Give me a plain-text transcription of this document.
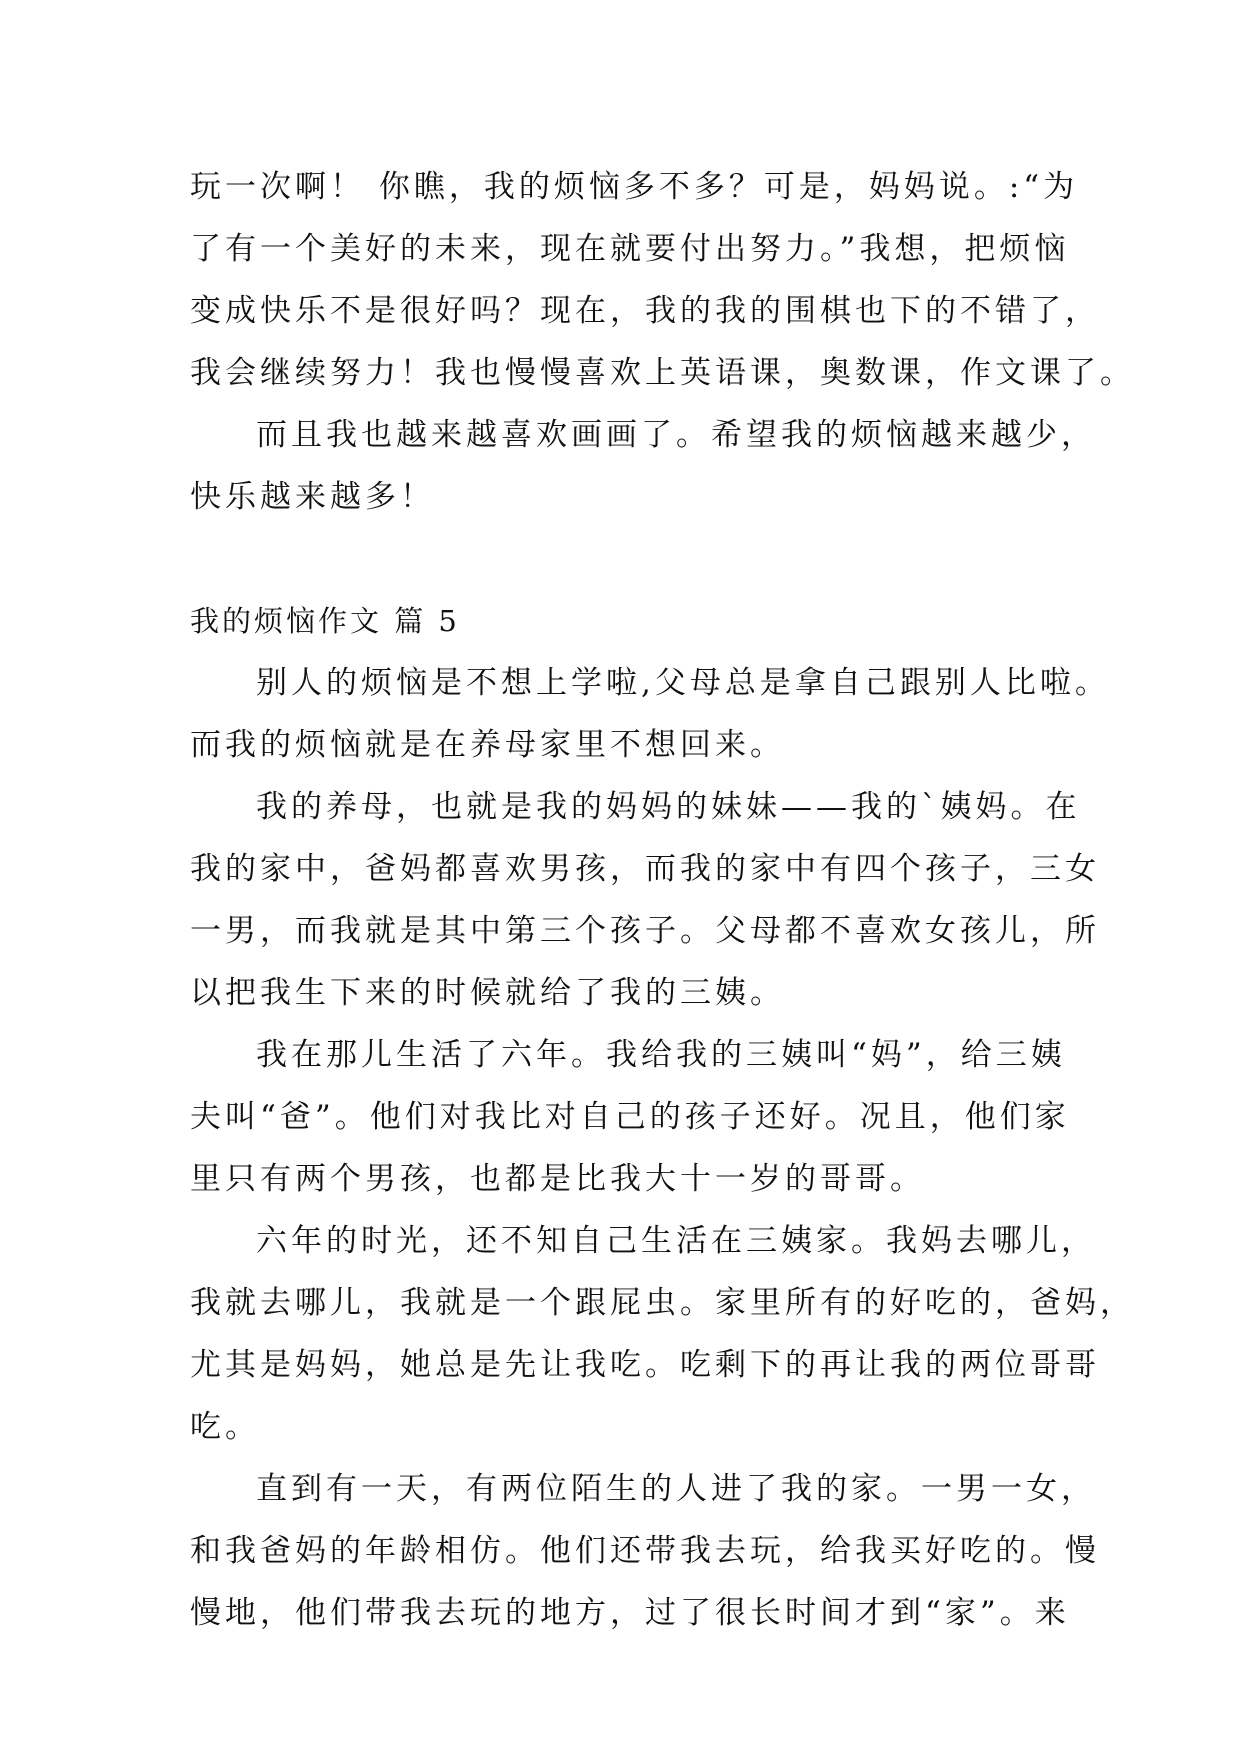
玩一次啊！ 你瞧，我的烦恼多不多？可是，妈妈说。:“为
了有一个美好的未来，现在就要付出努力。”我想，把烦恼
变成快乐不是很好吗？现在，我的我的围棋也下的不错了，
我会继续努力！我也慢慢喜欢上英语课，奥数课，作文课了。
而且我也越来越喜欢画画了。希望我的烦恼越来越少，
快乐越来越多！
我的烦恼作文 篇 5
别人的烦恼是不想上学啦,父母总是拿自己跟别人比啦。
而我的烦恼就是在养母家里不想回来。
我的养母，也就是我的妈妈的妹妹——我的`姨妈。在
我的家中，爸妈都喜欢男孩，而我的家中有四个孩子，三女
一男，而我就是其中第三个孩子。父母都不喜欢女孩儿，所
以把我生下来的时候就给了我的三姨。
我在那儿生活了六年。我给我的三姨叫“妈”，给三姨
夫叫“爸”。他们对我比对自己的孩子还好。况且，他们家
里只有两个男孩，也都是比我大十一岁的哥哥。
六年的时光，还不知自己生活在三姨家。我妈去哪儿，
我就去哪儿，我就是一个跟屁虫。家里所有的好吃的，爸妈，
尤其是妈妈，她总是先让我吃。吃剩下的再让我的两位哥哥
吃。
直到有一天，有两位陌生的人进了我的家。一男一女，
和我爸妈的年龄相仿。他们还带我去玩，给我买好吃的。慢
慢地，他们带我去玩的地方，过了很长时间才到“家”。来
